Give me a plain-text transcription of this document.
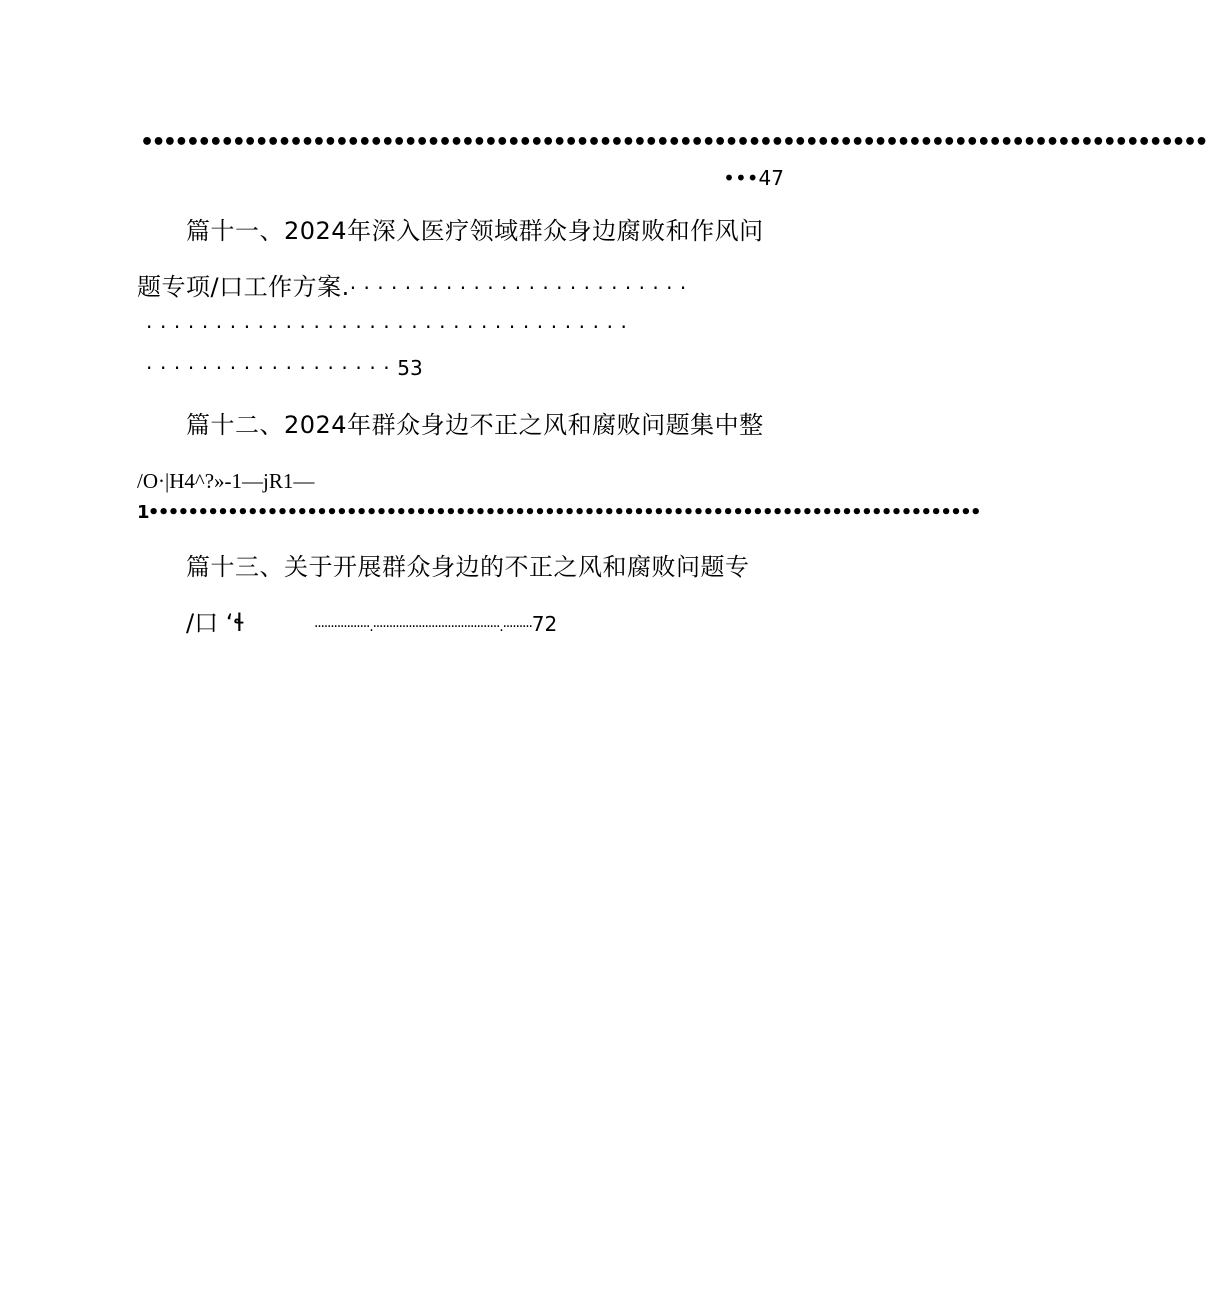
•••••••••••••••••••••••••••••••••••••••••••••••••••••••••••••••••••••••••••••••••••••••••••••
•••47
篇十一、2024年深入医疗领域群众身边腐败和作风问
题专项/口工作方案.·························
···································
··················53
篇十二、2024年群众身边不正之风和腐败问题集中整
/O·|H4^?»-1—jR1—
1••••••••••••••••••••••••••••••••••••••••••••••••••••••••••••••••••••••••••••••••••••
篇十三、关于开展群众身边的不正之风和腐败问题专
/口 ‘ɬ	·················.·······································.·········72
